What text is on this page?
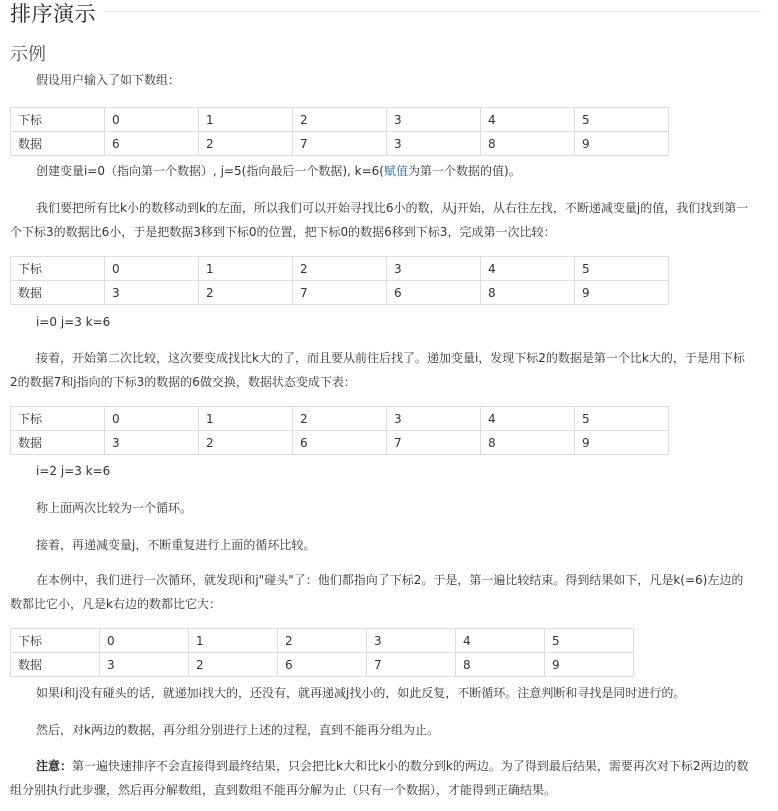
排序演示
示例

假设用户输入了如下数组：

下标	0	1	2	3	4	5
数据	6	2	7	3	8	9

创建变量i=0（指向第一个数据）, j=5(指向最后一个数据), k=6(赋值为第一个数据的值)。

我们要把所有比k小的数移动到k的左面，所以我们可以开始寻找比6小的数，从j开始，从右往左找，不断递减变量j的值，我们找到第一个下标3的数据比6小，于是把数据3移到下标0的位置，把下标0的数据6移到下标3，完成第一次比较：

下标	0	1	2	3	4	5
数据	3	2	7	6	8	9

i=0 j=3 k=6

接着，开始第二次比较，这次要变成找比k大的了，而且要从前往后找了。递加变量i，发现下标2的数据是第一个比k大的，于是用下标2的数据7和j指向的下标3的数据的6做交换，数据状态变成下表：

下标	0	1	2	3	4	5
数据	3	2	6	7	8	9

i=2 j=3 k=6

称上面两次比较为一个循环。

接着，再递减变量j，不断重复进行上面的循环比较。

在本例中，我们进行一次循环，就发现i和j"碰头"了：他们都指向了下标2。于是，第一遍比较结束。得到结果如下，凡是k(=6)左边的数都比它小，凡是k右边的数都比它大：

下标	0	1	2	3	4	5
数据	3	2	6	7	8	9

如果i和j没有碰头的话，就递加i找大的，还没有，就再递减j找小的，如此反复，不断循环。注意判断和寻找是同时进行的。

然后，对k两边的数据，再分组分别进行上述的过程，直到不能再分组为止。

注意：第一遍快速排序不会直接得到最终结果，只会把比k大和比k小的数分到k的两边。为了得到最后结果，需要再次对下标2两边的数组分别执行此步骤，然后再分解数组，直到数组不能再分解为止（只有一个数据），才能得到正确结果。
